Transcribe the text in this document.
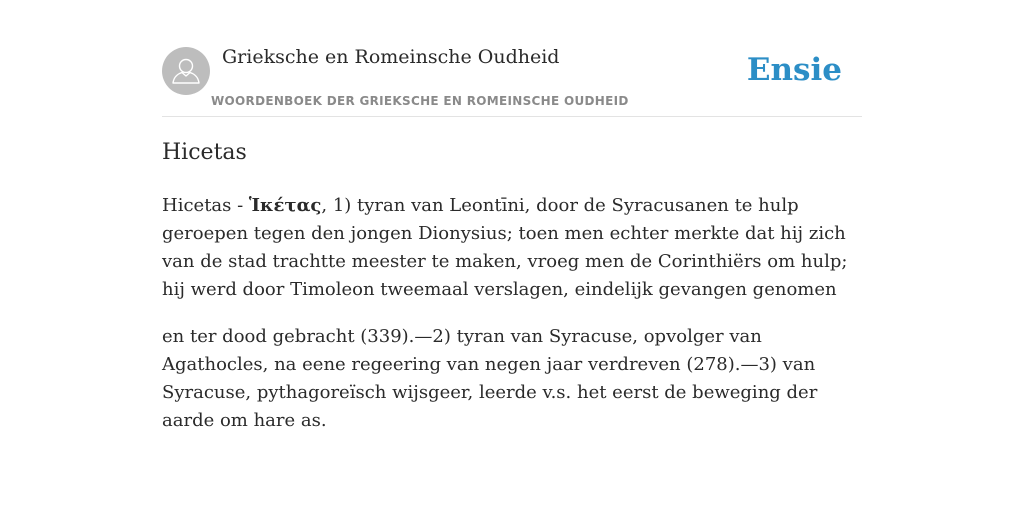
Grieksche en Romeinsche Oudheid
WOORDENBOEK DER GRIEKSCHE EN ROMEINSCHE OUDHEID
Ensie
Hicetas

Hicetas - Ἱκέτας, 1) tyran van Leontīni, door de Syracusanen te hulp geroepen tegen den jongen Dionysius; toen men echter merkte dat hij zich van de stad trachtte meester te maken, vroeg men de Corinthiërs om hulp; hij werd door Timoleon tweemaal verslagen, eindelijk gevangen genomen

en ter dood gebracht (339).—2) tyran van Syracuse, opvolger van Agathocles, na eene regeering van negen jaar verdreven (278).—3) van Syracuse, pythagoreïsch wijsgeer, leerde v.s. het eerst de beweging der aarde om hare as.
